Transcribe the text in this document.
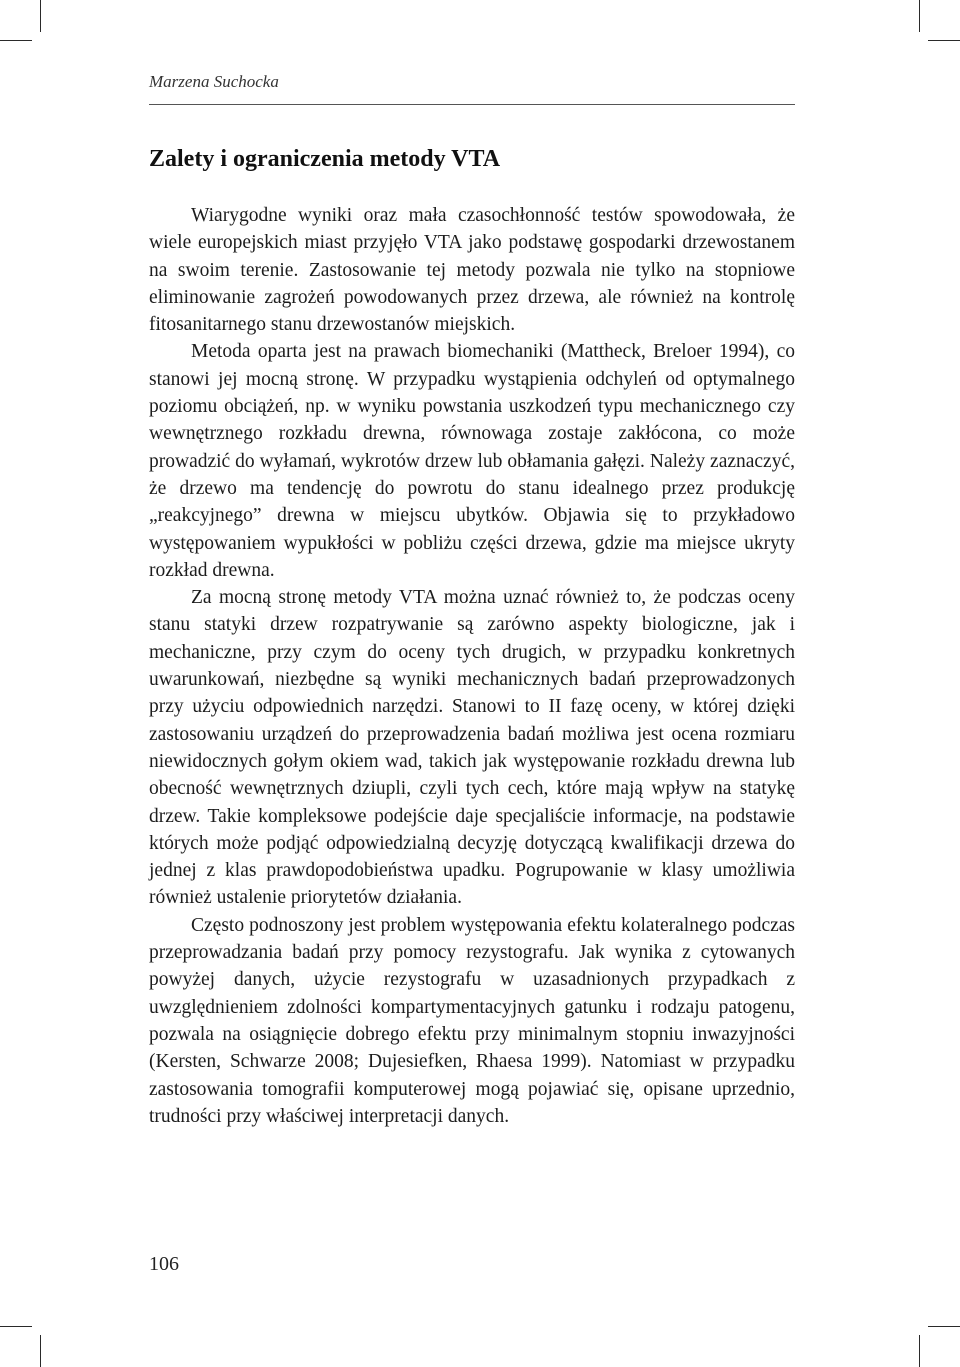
Marzena Suchocka
Zalety i ograniczenia metody VTA

Wiarygodne wyniki oraz mała czasochłonność testów spowodowała, że wiele europejskich miast przyjęło VTA jako podstawę gospodarki drzewostanem na swoim terenie. Zastosowanie tej metody pozwala nie tylko na stopniowe eliminowanie zagrożeń powodowanych przez drzewa, ale również na kontrolę fitosanitarnego stanu drzewostanów miejskich.

Metoda oparta jest na prawach biomechaniki (Mattheck, Breloer 1994), co stanowi jej mocną stronę. W przypadku wystąpienia odchyleń od optymalnego poziomu obciążeń, np. w wyniku powstania uszkodzeń typu mechanicznego czy wewnętrznego rozkładu drewna, równowaga zostaje zakłócona, co może prowadzić do wyłamań, wykrotów drzew lub obłamania gałęzi. Należy zaznaczyć, że drzewo ma tendencję do powrotu do stanu idealnego przez produkcję „reakcyjnego” drewna w miejscu ubytków. Objawia się to przykładowo występowaniem wypukłości w pobliżu części drzewa, gdzie ma miejsce ukryty rozkład drewna.

Za mocną stronę metody VTA można uznać również to, że podczas oceny stanu statyki drzew rozpatrywanie są zarówno aspekty biologiczne, jak i mechaniczne, przy czym do oceny tych drugich, w przypadku konkretnych uwarunkowań, niezbędne są wyniki mechanicznych badań przeprowadzonych przy użyciu odpowiednich narzędzi. Stanowi to II fazę oceny, w której dzięki zastosowaniu urządzeń do przeprowadzenia badań możliwa jest ocena rozmiaru niewidocznych gołym okiem wad, takich jak występowanie rozkładu drewna lub obecność wewnętrznych dziupli, czyli tych cech, które mają wpływ na statykę drzew. Takie kompleksowe podejście daje specjaliście informacje, na podstawie których może podjąć odpowiedzialną decyzję dotyczącą kwalifikacji drzewa do jednej z klas prawdopodobieństwa upadku. Pogrupowanie w klasy umożliwia również ustalenie priorytetów działania.

Często podnoszony jest problem występowania efektu kolateralnego podczas przeprowadzania badań przy pomocy rezystografu. Jak wynika z cytowanych powyżej danych, użycie rezystografu w uzasadnionych przypadkach z uwzględnieniem zdolności kompartymentacyjnych gatunku i rodzaju patogenu, pozwala na osiągnięcie dobrego efektu przy minimalnym stopniu inwazyjności (Kersten, Schwarze 2008; Dujesiefken, Rhaesa 1999). Natomiast w przypadku zastosowania tomografii komputerowej mogą pojawiać się, opisane uprzednio, trudności przy właściwej interpretacji danych.

106
